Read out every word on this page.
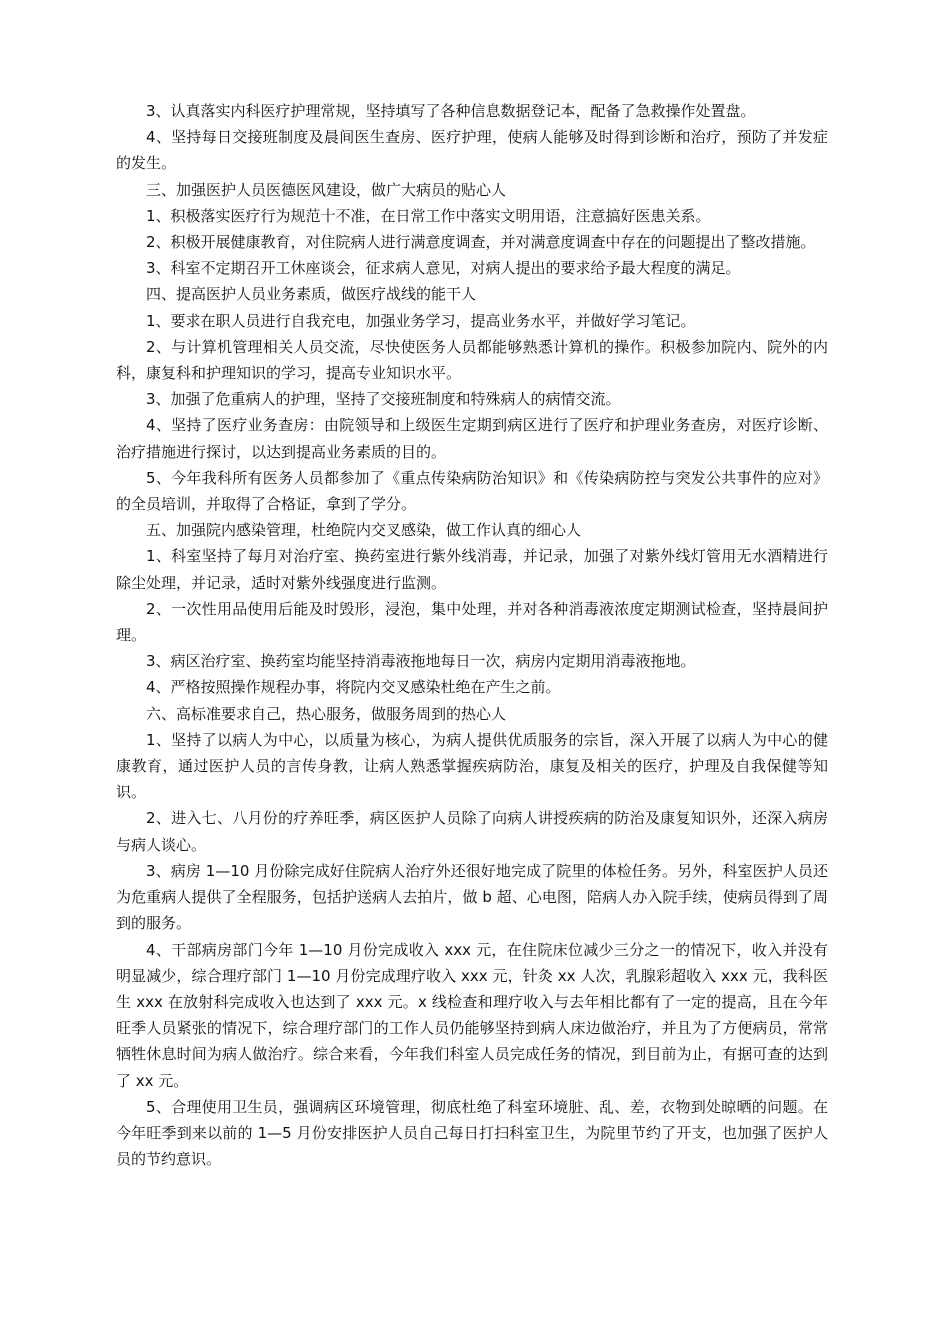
3、认真落实内科医疗护理常规，坚持填写了各种信息数据登记本，配备了急救操作处置盘。

4、坚持每日交接班制度及晨间医生查房、医疗护理，使病人能够及时得到诊断和治疗，预防了并发症的发生。

三、加强医护人员医德医风建设，做广大病员的贴心人

1、积极落实医疗行为规范十不准，在日常工作中落实文明用语，注意搞好医患关系。

2、积极开展健康教育，对住院病人进行满意度调查，并对满意度调查中存在的问题提出了整改措施。

3、科室不定期召开工休座谈会，征求病人意见，对病人提出的要求给予最大程度的满足。

四、提高医护人员业务素质，做医疗战线的能干人

1、要求在职人员进行自我充电，加强业务学习，提高业务水平，并做好学习笔记。

2、与计算机管理相关人员交流，尽快使医务人员都能够熟悉计算机的操作。积极参加院内、院外的内科，康复科和护理知识的学习，提高专业知识水平。

3、加强了危重病人的护理，坚持了交接班制度和特殊病人的病情交流。

4、坚持了医疗业务查房：由院领导和上级医生定期到病区进行了医疗和护理业务查房，对医疗诊断、治疗措施进行探讨，以达到提高业务素质的目的。

5、今年我科所有医务人员都参加了《重点传染病防治知识》和《传染病防控与突发公共事件的应对》的全员培训，并取得了合格证，拿到了学分。

五、加强院内感染管理，杜绝院内交叉感染，做工作认真的细心人

1、科室坚持了每月对治疗室、换药室进行紫外线消毒，并记录，加强了对紫外线灯管用无水酒精进行除尘处理，并记录，适时对紫外线强度进行监测。

2、一次性用品使用后能及时毁形，浸泡，集中处理，并对各种消毒液浓度定期测试检查，坚持晨间护理。

3、病区治疗室、换药室均能坚持消毒液拖地每日一次，病房内定期用消毒液拖地。

4、严格按照操作规程办事，将院内交叉感染杜绝在产生之前。

六、高标准要求自己，热心服务，做服务周到的热心人

1、坚持了以病人为中心，以质量为核心，为病人提供优质服务的宗旨，深入开展了以病人为中心的健康教育，通过医护人员的言传身教，让病人熟悉掌握疾病防治，康复及相关的医疗，护理及自我保健等知识。

2、进入七、八月份的疗养旺季，病区医护人员除了向病人讲授疾病的防治及康复知识外，还深入病房与病人谈心。

3、病房 1—10 月份除完成好住院病人治疗外还很好地完成了院里的体检任务。另外，科室医护人员还为危重病人提供了全程服务，包括护送病人去拍片，做 b 超、心电图，陪病人办入院手续，使病员得到了周到的服务。

4、干部病房部门今年 1—10 月份完成收入 xxx 元，在住院床位减少三分之一的情况下，收入并没有明显减少，综合理疗部门 1—10 月份完成理疗收入 xxx 元，针灸 xx 人次，乳腺彩超收入 xxx 元，我科医生 xxx 在放射科完成收入也达到了 xxx 元。x 线检查和理疗收入与去年相比都有了一定的提高，且在今年旺季人员紧张的情况下，综合理疗部门的工作人员仍能够坚持到病人床边做治疗，并且为了方便病员，常常牺牲休息时间为病人做治疗。综合来看，今年我们科室人员完成任务的情况，到目前为止，有据可查的达到了 xx 元。

5、合理使用卫生员，强调病区环境管理，彻底杜绝了科室环境脏、乱、差，衣物到处晾晒的问题。在今年旺季到来以前的 1—5 月份安排医护人员自己每日打扫科室卫生，为院里节约了开支，也加强了医护人员的节约意识。
